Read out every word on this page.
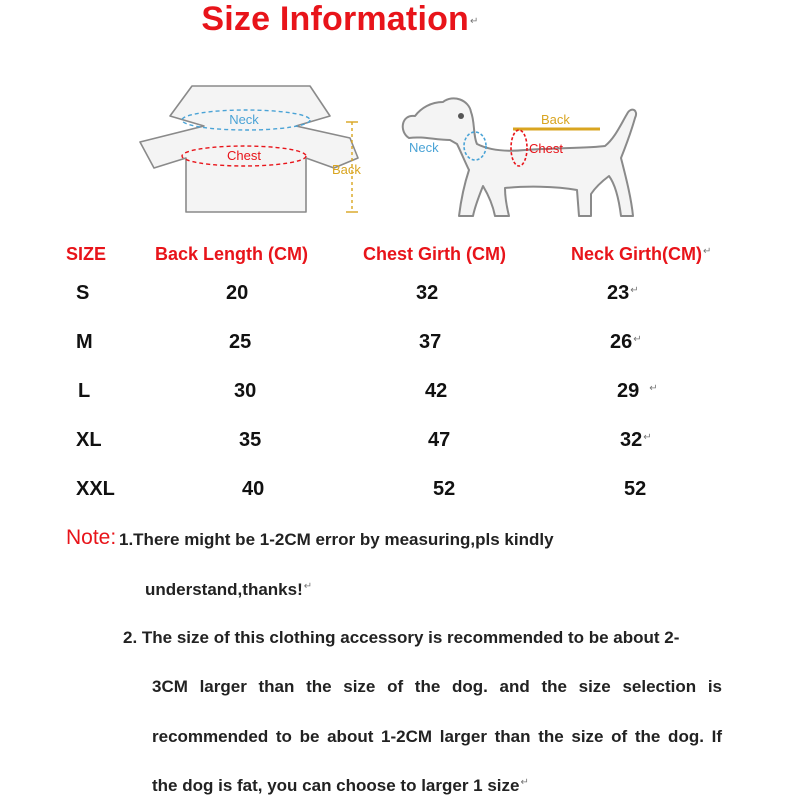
Size Information↵
Neck
Chest
Back
Back
Neck	Chest
SIZE	Back Length (CM)	Chest Girth (CM)	Neck Girth(CM)↵
S	20	32	23↵
M	25	37	26↵
L	30	42	29 ↵
XL	35	47	32↵
XXL	40	52	52
Note: 1.There might be 1-2CM error by measuring,pls kindly
understand,thanks!↵
2. The size of this clothing accessory is recommended to be about 2-
3CM larger than the size of the dog. and the size selection is
recommended to be about 1-2CM larger than the size of the dog. If
the dog is fat, you can choose to larger 1 size↵
